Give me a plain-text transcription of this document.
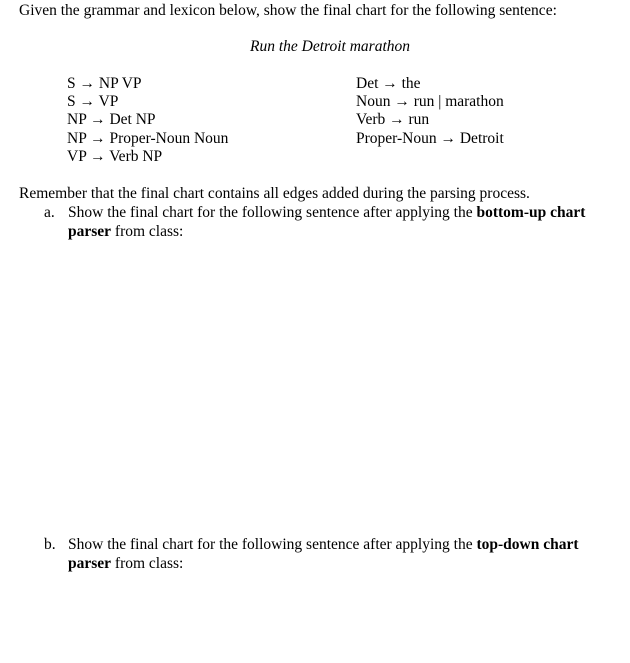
Given the grammar and lexicon below, show the final chart for the following sentence:
Run the Detroit marathon
S → NP VP
S → VP
NP → Det NP
NP → Proper-Noun Noun
VP → Verb NP
Det → the
Noun → run | marathon
Verb → run
Proper-Noun → Detroit
Remember that the final chart contains all edges added during the parsing process.
a. Show the final chart for the following sentence after applying the bottom-up chart parser from class:
b. Show the final chart for the following sentence after applying the top-down chart parser from class:
